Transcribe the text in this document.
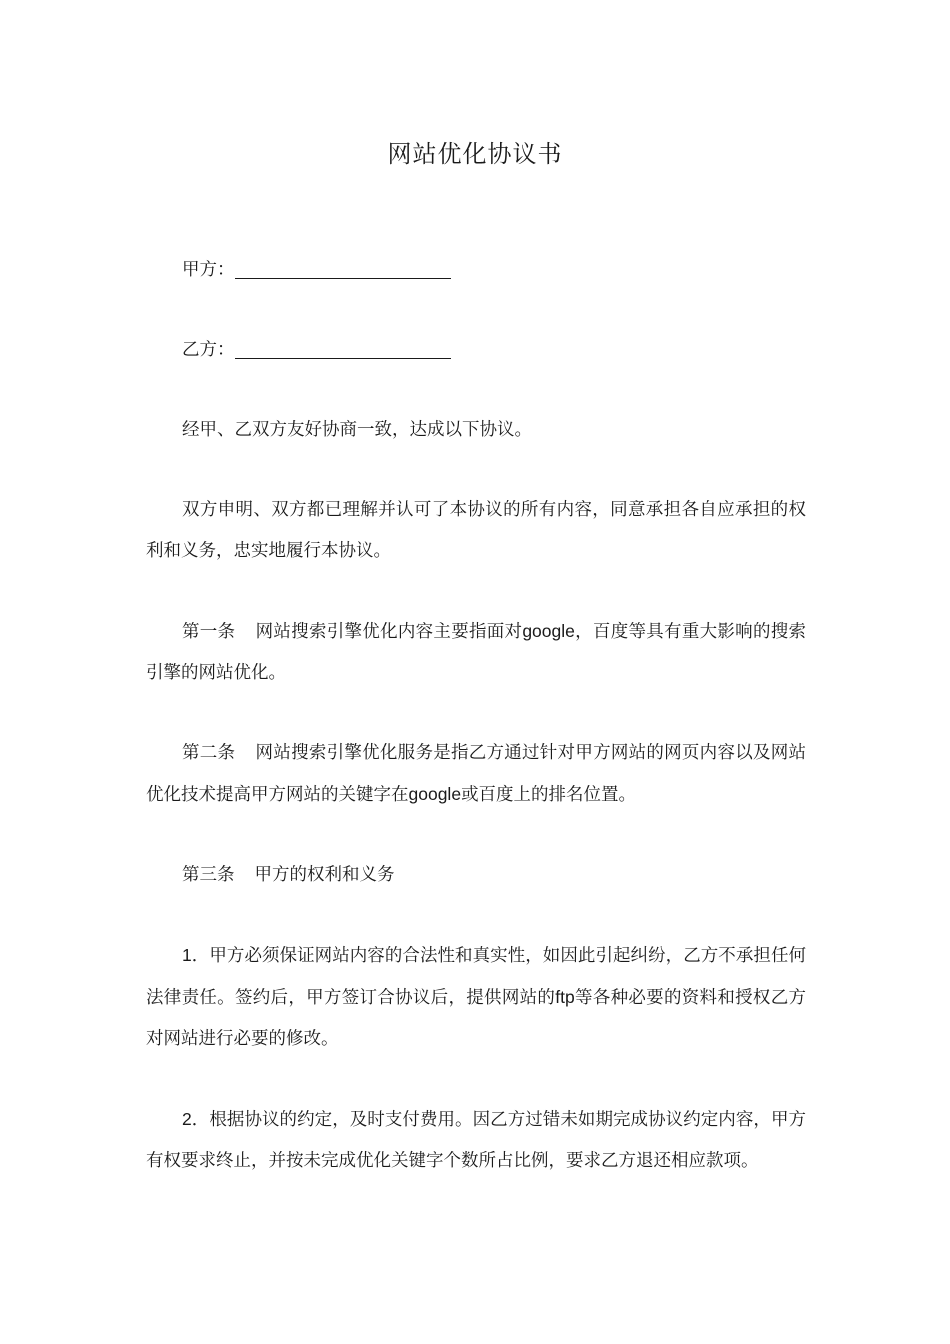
网站优化协议书

甲方：

乙方：

经甲、乙双方友好协商一致，达成以下协议。

双方申明、双方都已理解并认可了本协议的所有内容，同意承担各自应承担的权利和义务，忠实地履行本协议。

第一条 网站搜索引擎优化内容主要指面对google，百度等具有重大影响的搜索引擎的网站优化。

第二条 网站搜索引擎优化服务是指乙方通过针对甲方网站的网页内容以及网站优化技术提高甲方网站的关键字在google或百度上的排名位置。

第三条 甲方的权利和义务

1．甲方必须保证网站内容的合法性和真实性，如因此引起纠纷，乙方不承担任何法律责任。签约后，甲方签订合协议后，提供网站的ftp等各种必要的资料和授权乙方对网站进行必要的修改。

2．根据协议的约定，及时支付费用。因乙方过错未如期完成协议约定内容，甲方有权要求终止，并按未完成优化关键字个数所占比例，要求乙方退还相应款项。
